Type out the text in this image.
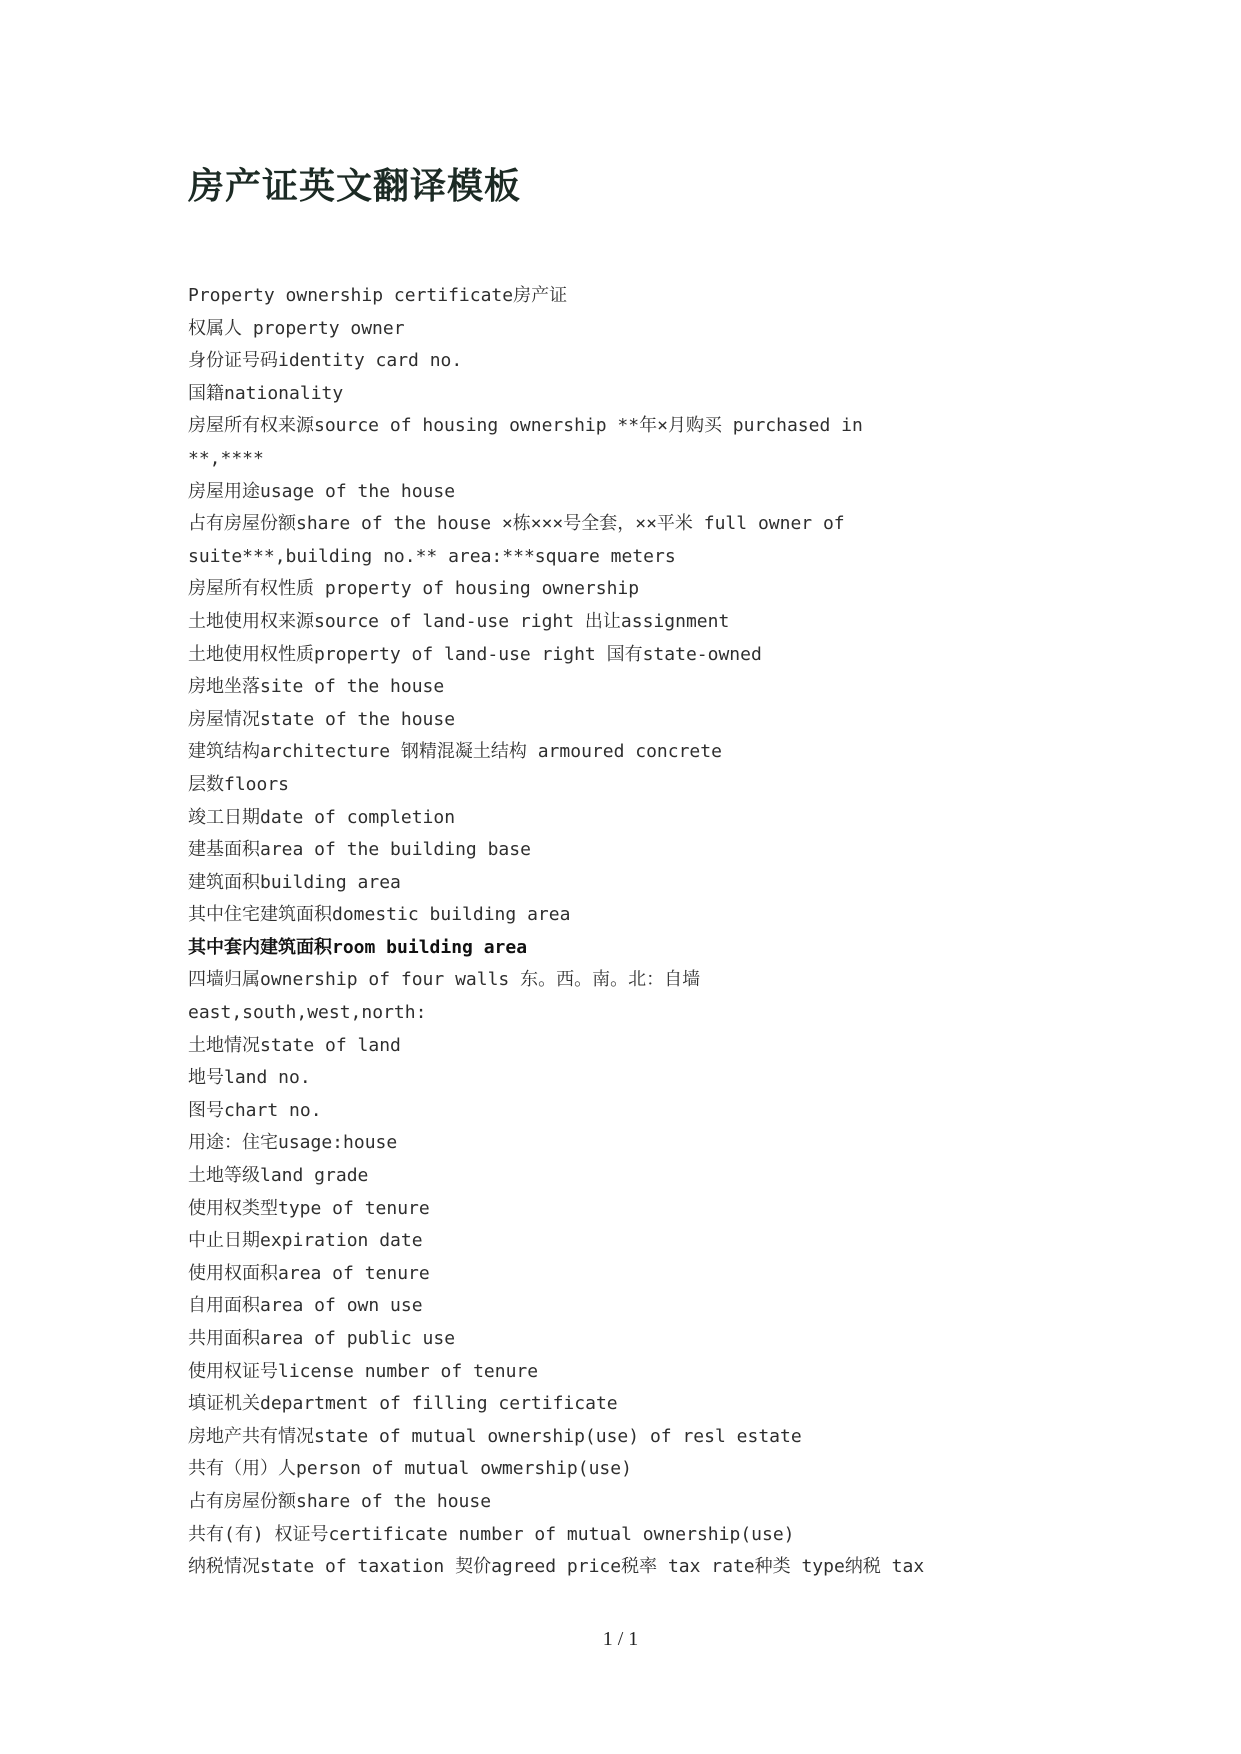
房产证英文翻译模板
Property ownership certificate房产证
权属人 property owner
身份证号码identity card no.
国籍nationality
房屋所有权来源source of housing ownership **年×月购买 purchased in
**,****
房屋用途usage of the house
占有房屋份额share of the house ×栋×××号全套，××平米 full owner of
suite***,building no.** area:***square meters
房屋所有权性质 property of housing ownership
土地使用权来源source of land-use right 出让assignment
土地使用权性质property of land-use right 国有state-owned
房地坐落site of the house
房屋情况state of the house
建筑结构architecture 钢精混凝土结构 armoured concrete
层数floors
竣工日期date of completion
建基面积area of the building base
建筑面积building area
其中住宅建筑面积domestic building area
其中套内建筑面积room building area
四墙归属ownership of four walls 东。西。南。北：自墙
east,south,west,north:
土地情况state of land
地号land no.
图号chart no.
用途：住宅usage:house
土地等级land grade
使用权类型type of tenure
中止日期expiration date
使用权面积area of tenure
自用面积area of own use
共用面积area of public use
使用权证号license number of tenure
填证机关department of filling certificate
房地产共有情况state of mutual ownership(use) of resl estate
共有（用）人person of mutual owmership(use)
占有房屋份额share of the house
共有(有) 权证号certificate number of mutual ownership(use)
纳税情况state of taxation 契价agreed price税率 tax rate种类 type纳税 tax
1 / 1
